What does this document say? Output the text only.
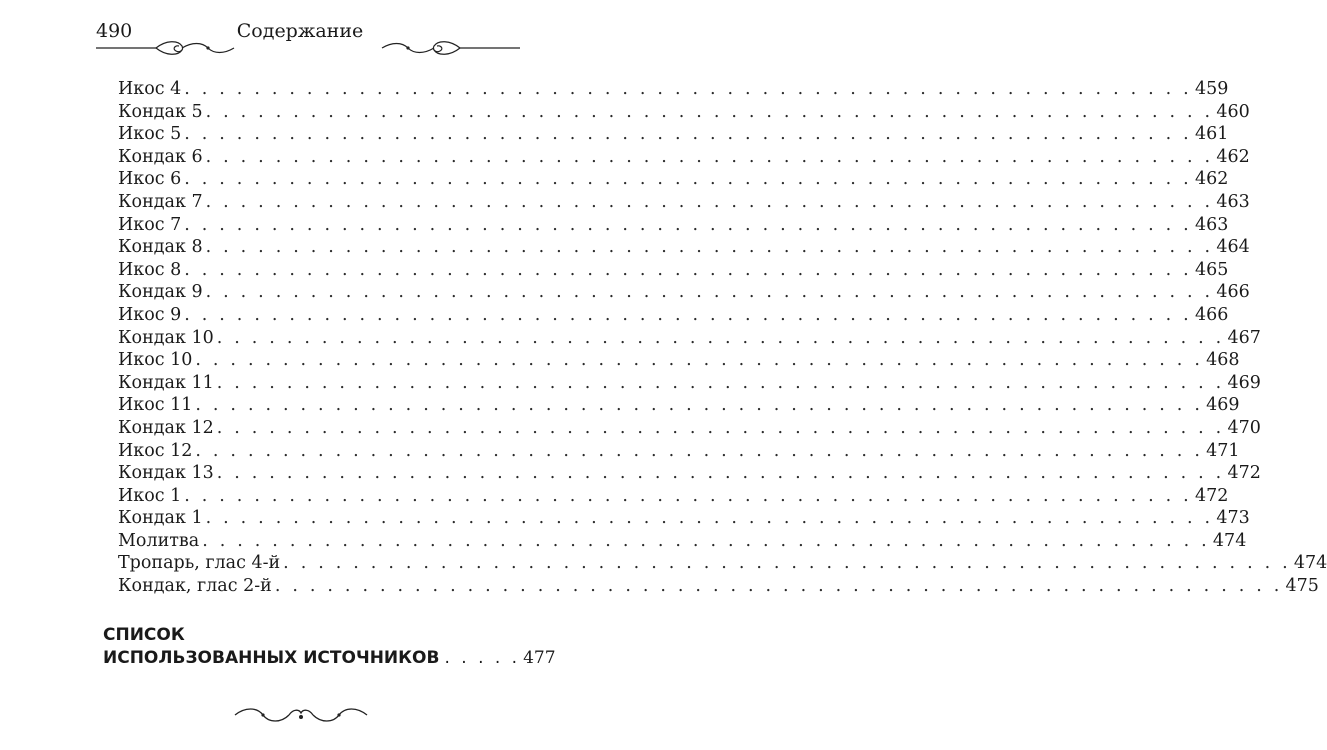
490	Содержание
Икос 4 . . . . . . . . . . . . . . . . . . . . . . . . . . . . . . . . . . . . . . . . . . . . . . . . . . . . . . . . . . 459
Кондак 5 . . . . . . . . . . . . . . . . . . . . . . . . . . . . . . . . . . . . . . . . . . . . . . . . . . . . . . . . . . 460
Икос 5 . . . . . . . . . . . . . . . . . . . . . . . . . . . . . . . . . . . . . . . . . . . . . . . . . . . . . . . . . . 461
Кондак 6 . . . . . . . . . . . . . . . . . . . . . . . . . . . . . . . . . . . . . . . . . . . . . . . . . . . . . . . . . . 462
Икос 6 . . . . . . . . . . . . . . . . . . . . . . . . . . . . . . . . . . . . . . . . . . . . . . . . . . . . . . . . . . 462
Кондак 7 . . . . . . . . . . . . . . . . . . . . . . . . . . . . . . . . . . . . . . . . . . . . . . . . . . . . . . . . . . 463
Икос 7 . . . . . . . . . . . . . . . . . . . . . . . . . . . . . . . . . . . . . . . . . . . . . . . . . . . . . . . . . . 463
Кондак 8 . . . . . . . . . . . . . . . . . . . . . . . . . . . . . . . . . . . . . . . . . . . . . . . . . . . . . . . . . . 464
Икос 8 . . . . . . . . . . . . . . . . . . . . . . . . . . . . . . . . . . . . . . . . . . . . . . . . . . . . . . . . . . 465
Кондак 9 . . . . . . . . . . . . . . . . . . . . . . . . . . . . . . . . . . . . . . . . . . . . . . . . . . . . . . . . . . 466
Икос 9 . . . . . . . . . . . . . . . . . . . . . . . . . . . . . . . . . . . . . . . . . . . . . . . . . . . . . . . . . . 466
Кондак 10 . . . . . . . . . . . . . . . . . . . . . . . . . . . . . . . . . . . . . . . . . . . . . . . . . . . . . . . . . . 467
Икос 10 . . . . . . . . . . . . . . . . . . . . . . . . . . . . . . . . . . . . . . . . . . . . . . . . . . . . . . . . . . 468
Кондак 11 . . . . . . . . . . . . . . . . . . . . . . . . . . . . . . . . . . . . . . . . . . . . . . . . . . . . . . . . . . 469
Икос 11 . . . . . . . . . . . . . . . . . . . . . . . . . . . . . . . . . . . . . . . . . . . . . . . . . . . . . . . . . . 469
Кондак 12 . . . . . . . . . . . . . . . . . . . . . . . . . . . . . . . . . . . . . . . . . . . . . . . . . . . . . . . . . . 470
Икос 12 . . . . . . . . . . . . . . . . . . . . . . . . . . . . . . . . . . . . . . . . . . . . . . . . . . . . . . . . . . 471
Кондак 13 . . . . . . . . . . . . . . . . . . . . . . . . . . . . . . . . . . . . . . . . . . . . . . . . . . . . . . . . . . 472
Икос 1 . . . . . . . . . . . . . . . . . . . . . . . . . . . . . . . . . . . . . . . . . . . . . . . . . . . . . . . . . . 472
Кондак 1 . . . . . . . . . . . . . . . . . . . . . . . . . . . . . . . . . . . . . . . . . . . . . . . . . . . . . . . . . . 473
Молитва . . . . . . . . . . . . . . . . . . . . . . . . . . . . . . . . . . . . . . . . . . . . . . . . . . . . . . . . . . 474
Тропарь, глас 4-й . . . . . . . . . . . . . . . . . . . . . . . . . . . . . . . . . . . . . . . . . . . . . . . . . . . . . . . . . . 474
Кондак, глас 2-й . . . . . . . . . . . . . . . . . . . . . . . . . . . . . . . . . . . . . . . . . . . . . . . . . . . . . . . . . . 475
СПИСОК
ИСПОЛЬЗОВАННЫХ ИСТОЧНИКОВ . . . . . 477
